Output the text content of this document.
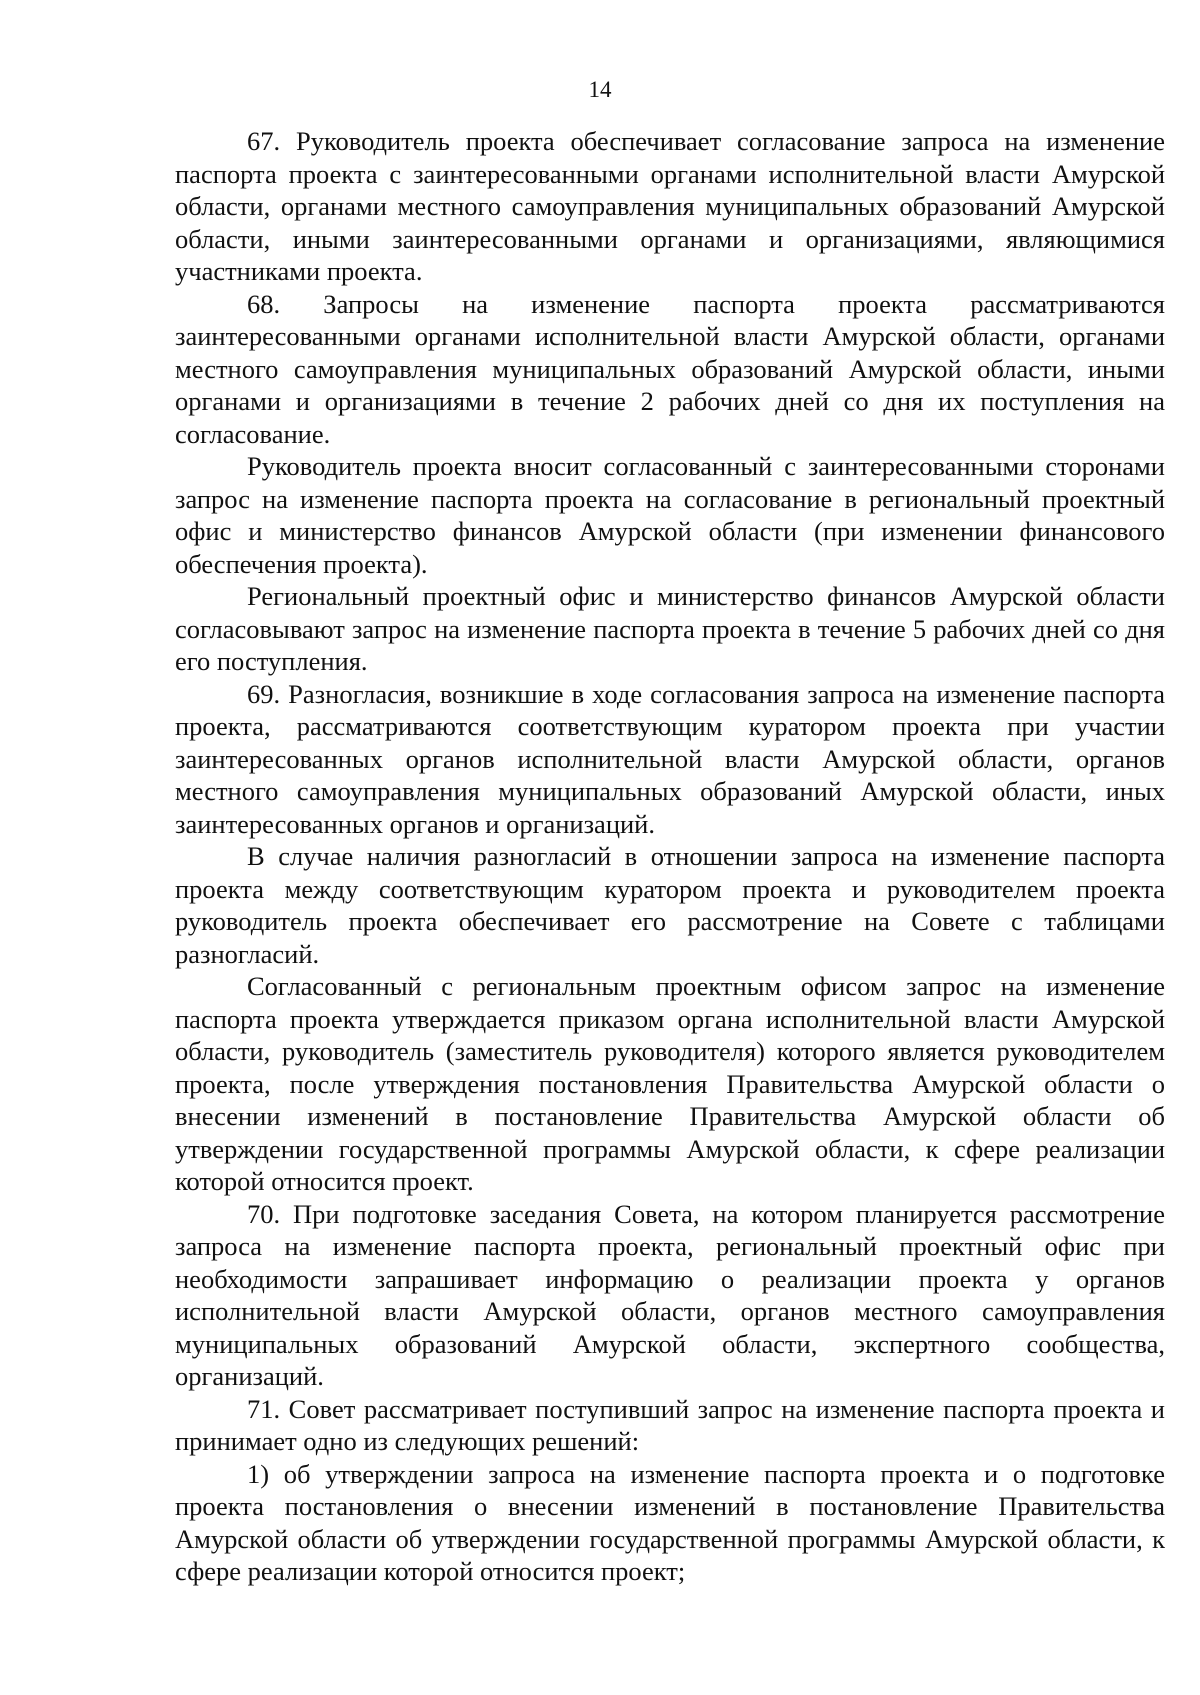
14

67. Руководитель проекта обеспечивает согласование запроса на изменение паспорта проекта с заинтересованными органами исполнительной власти Амурской области, органами местного самоуправления муниципальных образований Амурской области, иными заинтересованными органами и организациями, являющимися участниками проекта.

68. Запросы на изменение паспорта проекта рассматриваются заинтересованными органами исполнительной власти Амурской области, органами местного самоуправления муниципальных образований Амурской области, иными органами и организациями в течение 2 рабочих дней со дня их поступления на согласование.

Руководитель проекта вносит согласованный с заинтересованными сторонами запрос на изменение паспорта проекта на согласование в региональный проектный офис и министерство финансов Амурской области (при изменении финансового обеспечения проекта).

Региональный проектный офис и министерство финансов Амурской области согласовывают запрос на изменение паспорта проекта в течение 5 рабочих дней со дня его поступления.

69. Разногласия, возникшие в ходе согласования запроса на изменение паспорта проекта, рассматриваются соответствующим куратором проекта при участии заинтересованных органов исполнительной власти Амурской области, органов местного самоуправления муниципальных образований Амурской области, иных заинтересованных органов и организаций.

В случае наличия разногласий в отношении запроса на изменение паспорта проекта между соответствующим куратором проекта и руководителем проекта руководитель проекта обеспечивает его рассмотрение на Совете с таблицами разногласий.

Согласованный с региональным проектным офисом запрос на изменение паспорта проекта утверждается приказом органа исполнительной власти Амурской области, руководитель (заместитель руководителя) которого является руководителем проекта, после утверждения постановления Правительства Амурской области о внесении изменений в постановление Правительства Амурской области об утверждении государственной программы Амурской области, к сфере реализации которой относится проект.

70. При подготовке заседания Совета, на котором планируется рассмотрение запроса на изменение паспорта проекта, региональный проектный офис при необходимости запрашивает информацию о реализации проекта у органов исполнительной власти Амурской области, органов местного самоуправления муниципальных образований Амурской области, экспертного сообщества, организаций.

71. Совет рассматривает поступивший запрос на изменение паспорта проекта и принимает одно из следующих решений:

1) об утверждении запроса на изменение паспорта проекта и о подготовке проекта постановления о внесении изменений в постановление Правительства Амурской области об утверждении государственной программы Амурской области, к сфере реализации которой относится проект;
